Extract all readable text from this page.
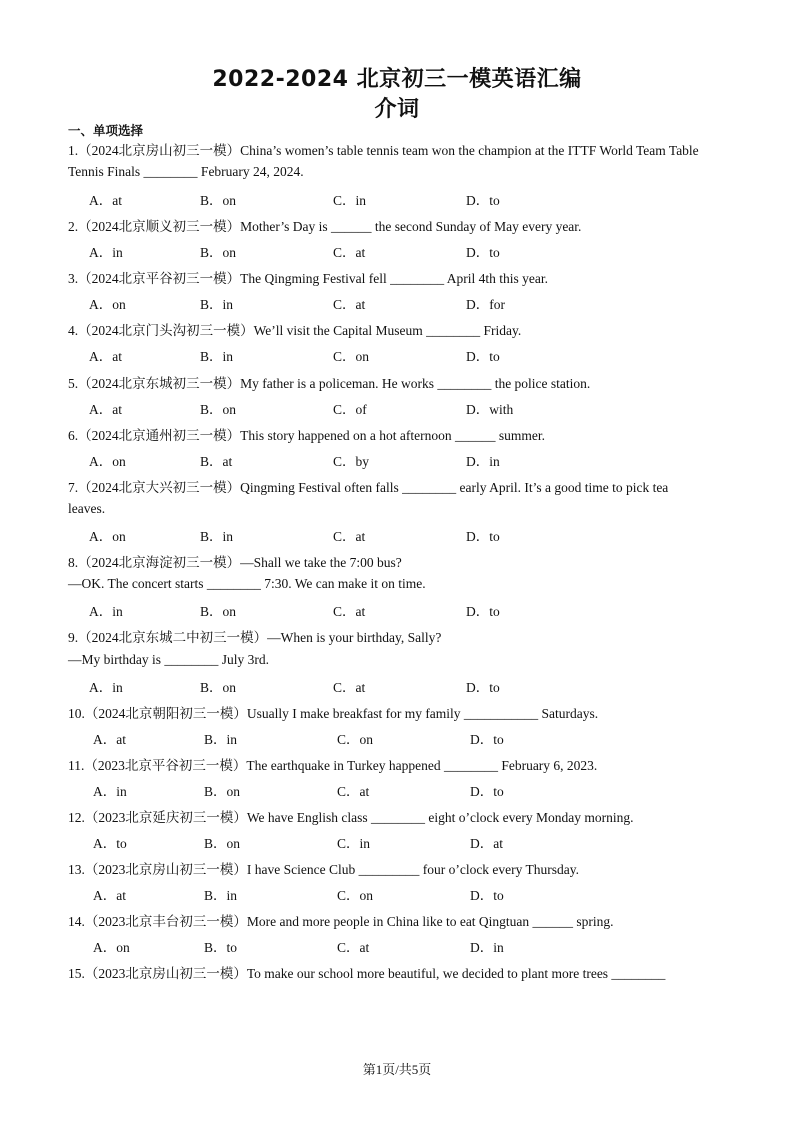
2022-2024 北京初三一模英语汇编
介词
一、单项选择
1.（2024北京房山初三一模）China’s women’s table tennis team won the champion at the ITTF World Team Table
Tennis Finals ________ February 24, 2024.
A．at	B．on	C．in	D．to
2.（2024北京顺义初三一模）Mother’s Day is ______ the second Sunday of May every year.
A．in	B．on	C．at	D．to
3.（2024北京平谷初三一模）The Qingming Festival fell ________ April 4th this year.
A．on	B．in	C．at	D．for
4.（2024北京门头沟初三一模）We’ll visit the Capital Museum ________ Friday.
A．at	B．in	C．on	D．to
5.（2024北京东城初三一模）My father is a policeman. He works ________ the police station.
A．at	B．on	C．of	D．with
6.（2024北京通州初三一模）This story happened on a hot afternoon ______ summer.
A．on	B．at	C．by	D．in
7.（2024北京大兴初三一模）Qingming Festival often falls ________ early April. It’s a good time to pick tea
leaves.
A．on	B．in	C．at	D．to
8.（2024北京海淀初三一模）—Shall we take the 7:00 bus?
—OK. The concert starts ________ 7:30. We can make it on time.
A．in	B．on	C．at	D．to
9.（2024北京东城二中初三一模）—When is your birthday, Sally?
—My birthday is ________ July 3rd.
A．in	B．on	C．at	D．to
10.（2024北京朝阳初三一模）Usually I make breakfast for my family ___________ Saturdays.
A．at	B．in	C．on	D．to
11.（2023北京平谷初三一模）The earthquake in Turkey happened ________ February 6, 2023.
A．in	B．on	C．at	D．to
12.（2023北京延庆初三一模）We have English class ________ eight o’clock every Monday morning.
A．to	B．on	C．in	D．at
13.（2023北京房山初三一模）I have Science Club _________ four o’clock every Thursday.
A．at	B．in	C．on	D．to
14.（2023北京丰台初三一模）More and more people in China like to eat Qingtuan ______ spring.
A．on	B．to	C．at	D．in
15.（2023北京房山初三一模）To make our school more beautiful, we decided to plant more trees ________
第1页/共5页
